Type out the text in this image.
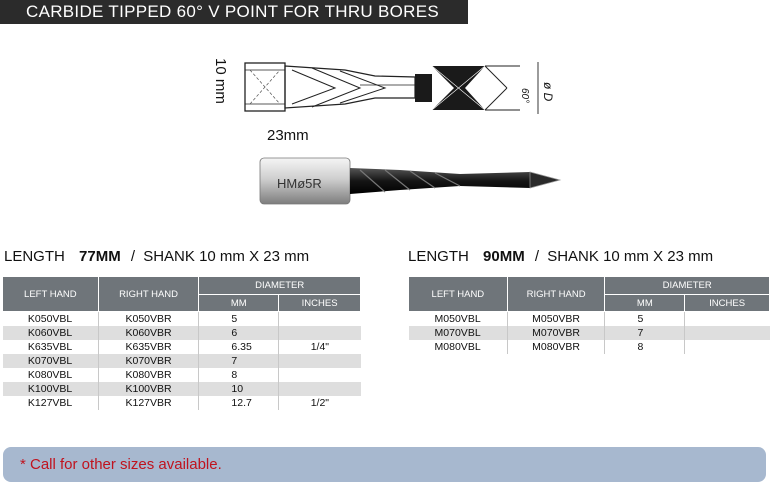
CARBIDE TIPPED 60° V POINT FOR THRU BORES
10 mm	60° ø D
23mm
HMø5R
LENGTH 77MM / SHANK 10 mm X 23 mm
LEFT HAND	RIGHT HAND	DIAMETER	
		MM	INCHES
K050VBL	K050VBR	5	
K060VBL	K060VBR	6	
K635VBL	K635VBR	6.35	1/4"
K070VBL	K070VBR	7	
K080VBL	K080VBR	8	
K100VBL	K100VBR	10	
K127VBL	K127VBR	12.7	1/2"
LENGTH 90MM / SHANK 10 mm X 23 mm
LEFT HAND	RIGHT HAND	DIAMETER	
		MM	INCHES
M050VBL	M050VBR	5	
M070VBL	M070VBR	7	
M080VBL	M080VBR	8	
* Call for other sizes available.
